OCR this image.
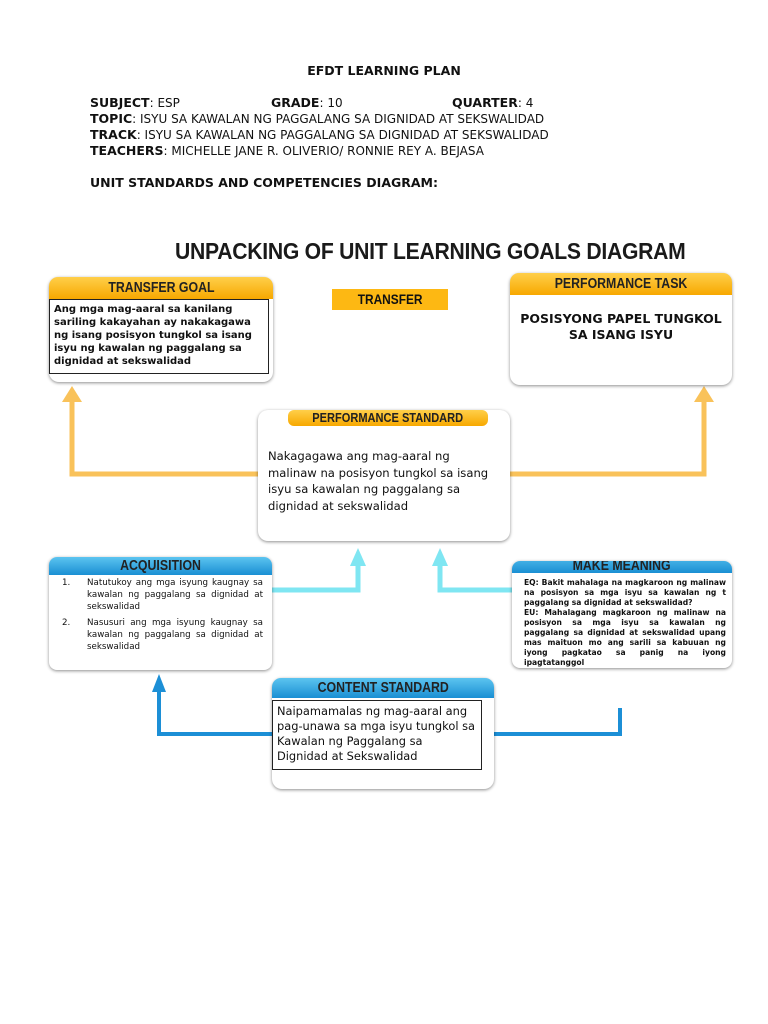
EFDT LEARNING PLAN
SUBJECT: ESP	GRADE: 10	QUARTER: 4
TOPIC: ISYU SA KAWALAN NG PAGGALANG SA DIGNIDAD AT SEKSWALIDAD
TRACK: ISYU SA KAWALAN NG PAGGALANG SA DIGNIDAD AT SEKSWALIDAD
TEACHERS: MICHELLE JANE R. OLIVERIO/ RONNIE REY A. BEJASA
UNIT STANDARDS AND COMPETENCIES DIAGRAM:
UNPACKING OF UNIT LEARNING GOALS DIAGRAM
TRANSFER
TRANSFER GOAL
Ang mga mag-aaral sa kanilang sariling kakayahan ay nakakagawa ng isang posisyon tungkol sa isang isyu ng kawalan ng paggalang sa dignidad at sekswalidad
PERFORMANCE TASK
POSISYONG PAPEL TUNGKOL SA ISANG ISYU
PERFORMANCE STANDARD
Nakagagawa ang mag-aaral ng malinaw na posisyon tungkol sa isang isyu sa kawalan ng paggalang sa dignidad at sekswalidad
ACQUISITION
1. Natutukoy ang mga isyung kaugnay sa kawalan ng paggalang sa dignidad at sekswalidad
2. Nasusuri ang mga isyung kaugnay sa kawalan ng paggalang sa dignidad at sekswalidad
MAKE MEANING
EQ: Bakit mahalaga na magkaroon ng malinaw na posisyon sa mga isyu sa kawalan ng t paggalang sa dignidad at sekswalidad?
EU: Mahalagang magkaroon ng malinaw na posisyon sa mga isyu sa kawalan ng paggalang sa dignidad at sekswalidad upang mas maituon mo ang sarili sa kabuuan ng iyong pagkatao sa panig na iyong ipagtatanggol
CONTENT STANDARD
Naipamamalas ng mag-aaral ang pag-unawa sa mga isyu tungkol sa Kawalan ng Paggalang sa Dignidad at Sekswalidad
